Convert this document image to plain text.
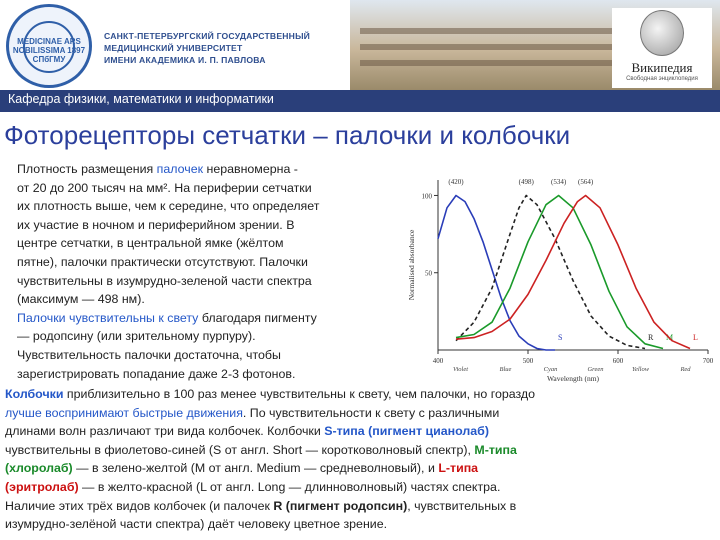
MEDICINAE ARS NOBILISSIMA 1897 СПбГМУ
САНКТ-ПЕТЕРБУРГСКИЙ ГОСУДАРСТВЕННЫЙ
МЕДИЦИНСКИЙ УНИВЕРСИТЕТ
ИМЕНИ АКАДЕМИКА И. П. ПАВЛОВА	Википедия
Свободная энциклопедия
Кафедра физики, математики и информатики
Фоторецепторы сетчатки – палочки и колбочки
Плотность размещения палочек неравномерна -
от 20 до 200 тысяч на мм². На периферии сетчатки
их плотность выше, чем к середине, что определяет
их участие в ночном и периферийном зрении. В
центре сетчатки, в центральной ямке (жёлтом
пятне), палочки практически отсутствуют. Палочки
чувствительны в изумрудно-зеленой части спектра
(максимум — 498 нм).
Палочки чувствительны к свету благодаря пигменту
— родопсину (или зрительному пурпуру).
Чувствительность палочки достаточна, чтобы
зарегистрировать попадание даже 2-3 фотонов.
400	500	600	700
50
100
Violet	Blue	Cyan	Green	Yellow	Red
Wavelength (nm)
Normalised absorbance
S	R M L
(420)	(498) (534) (564)
Колбочки приблизительно в 100 раз менее чувствительны к свету, чем палочки, но гораздо
лучше воспринимают быстрые движения. По чувствительности к свету с различными
длинами волн различают три вида колбочек. Колбочки S-типа (пигмент цианолаб)
чувствительны в фиолетово-синей (S от англ. Short — коротковолновый спектр), M-типа
(хлоролаб) — в зелено-желтой (M от англ. Medium — средневолновый), и L-типа
(эритролаб) — в желто-красной (L от англ. Long — длинноволновый) частях спектра.
Наличие этих трёх видов колбочек (и палочек R (пигмент родопсин), чувствительных в
изумрудно-зелёной части спектра) даёт человеку цветное зрение.
